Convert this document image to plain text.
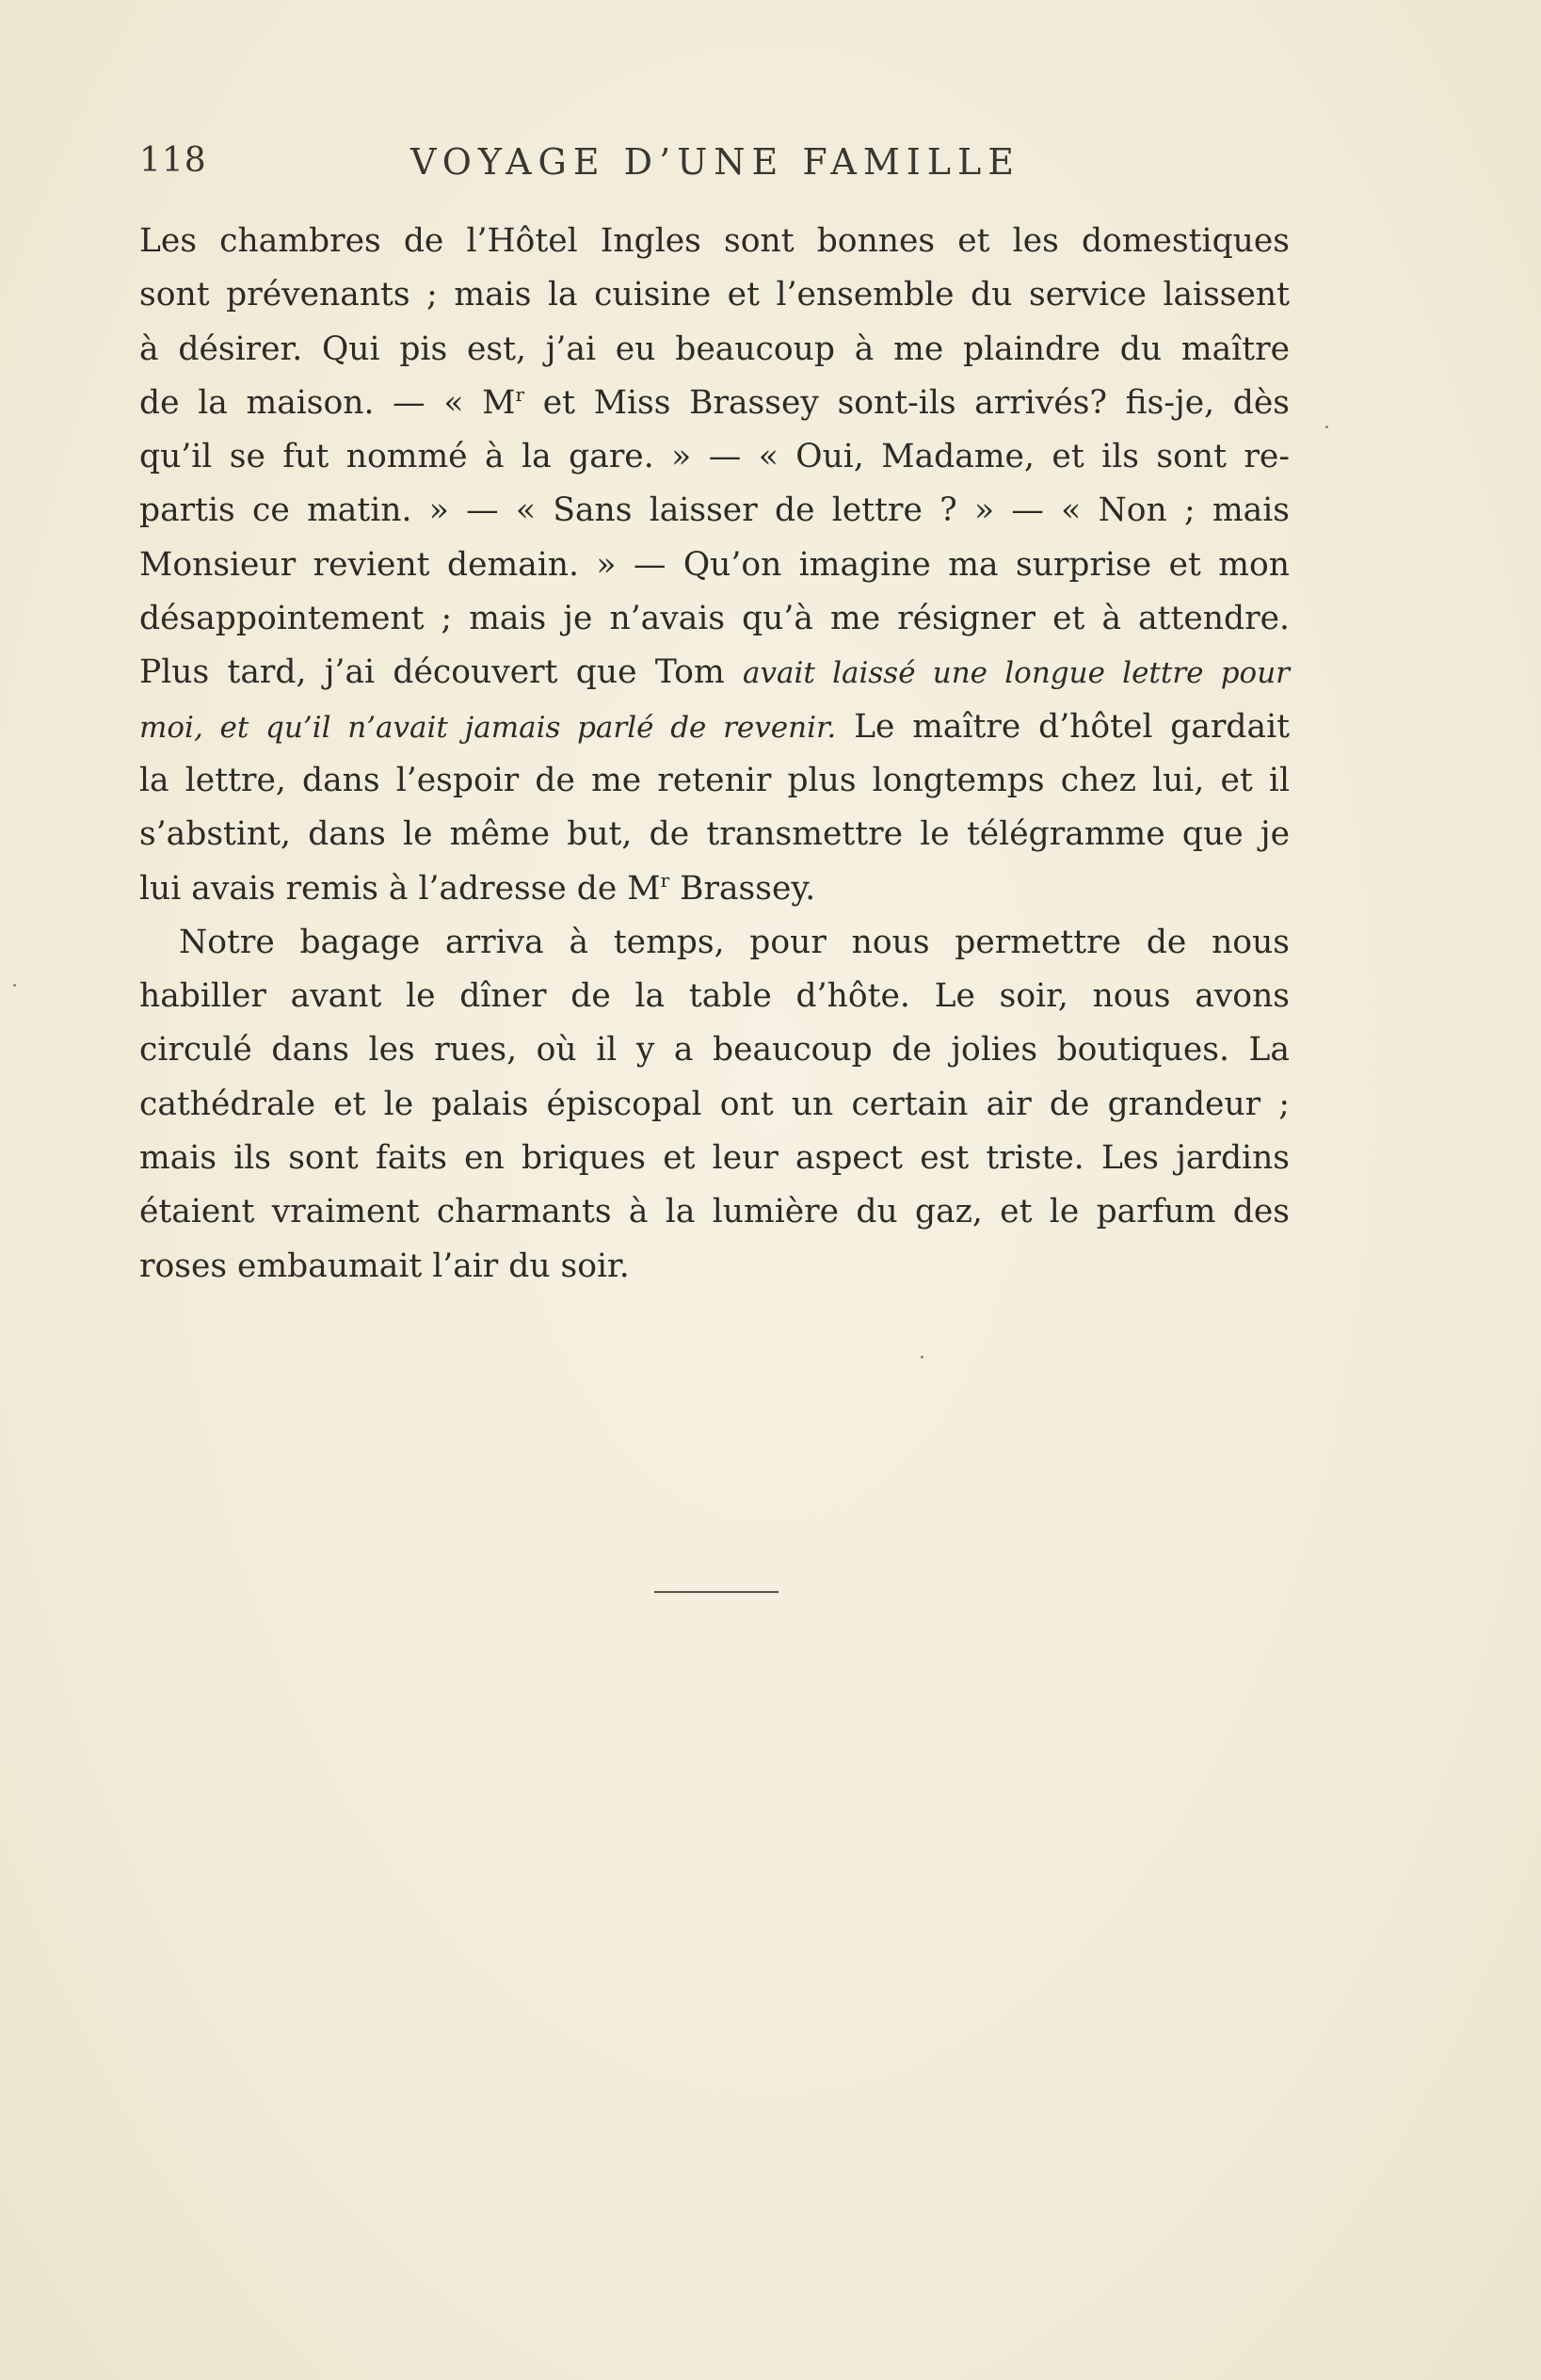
118	VOYAGE D’UNE FAMILLE
Les chambres de l’Hôtel Ingles sont bonnes et les domestiques
sont prévenants ; mais la cuisine et l’ensemble du service laissent
à désirer. Qui pis est, j’ai eu beaucoup à me plaindre du maître
de la maison. — « $M^r$ et Miss Brassey sont-ils arrivés? fis-je, dès
qu’il se fut nommé à la gare. » — « Oui, Madame, et ils sont re-
partis ce matin. » — « Sans laisser de lettre ? » — « Non ; mais
Monsieur revient demain. » — Qu’on imagine ma surprise et mon
désappointement ; mais je n’avais qu’à me résigner et à attendre.
Plus tard, j’ai découvert que Tom avait laissé une longue lettre pour
moi, et qu’il n’avait jamais parlé de revenir. Le maître d’hôtel gardait
la lettre, dans l’espoir de me retenir plus longtemps chez lui, et il
s’abstint, dans le même but, de transmettre le télégramme que je
lui avais remis à l’adresse de $M^r$ Brassey.
Notre bagage arriva à temps, pour nous permettre de nous
habiller avant le dîner de la table d’hôte. Le soir, nous avons
circulé dans les rues, où il y a beaucoup de jolies boutiques. La
cathédrale et le palais épiscopal ont un certain air de grandeur ;
mais ils sont faits en briques et leur aspect est triste. Les jardins
étaient vraiment charmants à la lumière du gaz, et le parfum des
roses embaumait l’air du soir.
